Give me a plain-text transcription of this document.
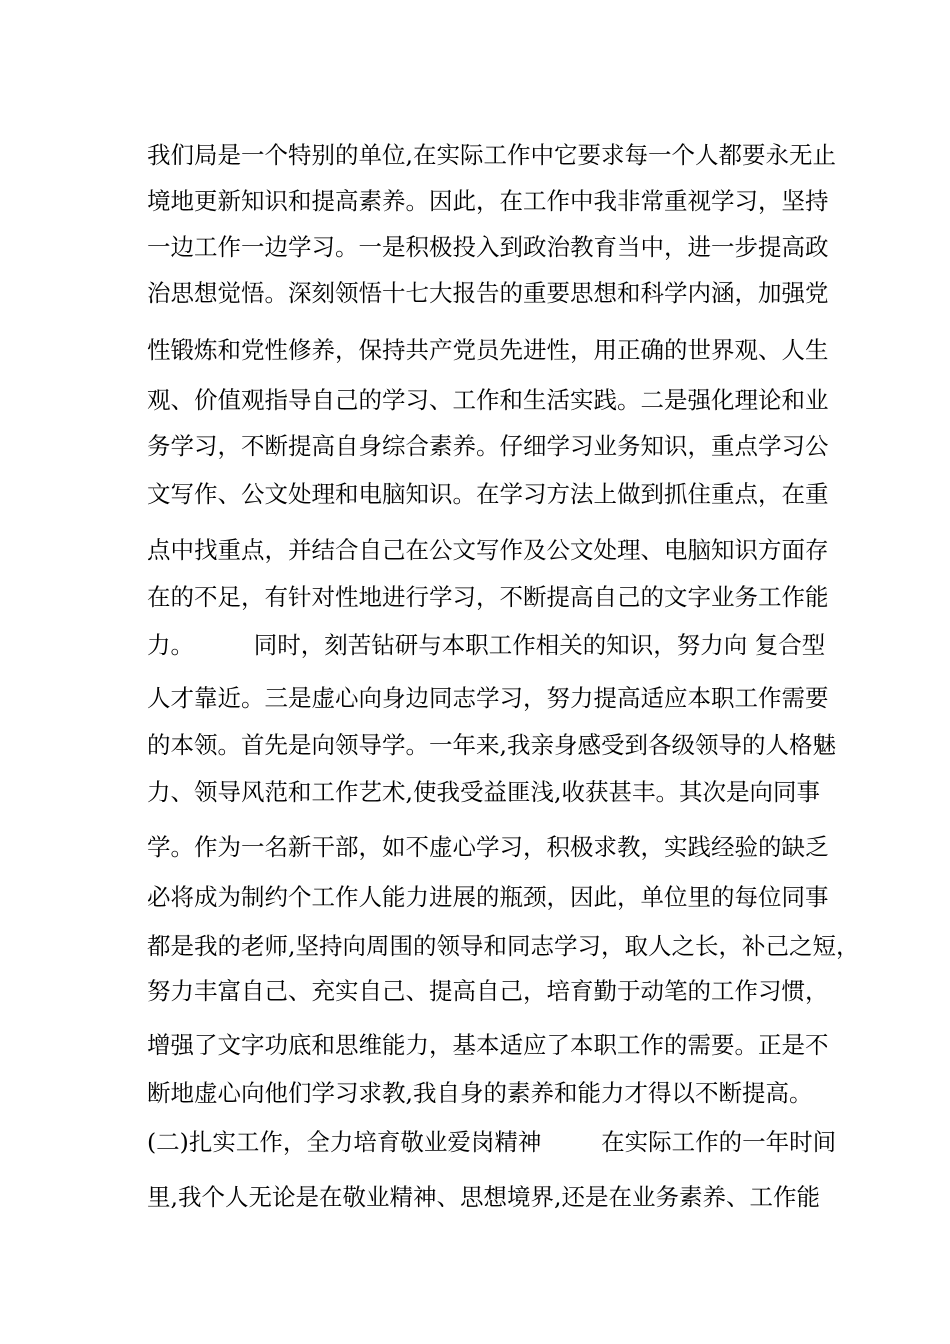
我们局是一个特别的单位,在实际工作中它要求每一个人都要永无止
境地更新知识和提高素养。因此，在工作中我非常重视学习，坚持
一边工作一边学习。一是积极投入到政治教育当中，进一步提高政
治思想觉悟。深刻领悟十七大报告的重要思想和科学内涵，加强党
性锻炼和党性修养，保持共产党员先进性，用正确的世界观、人生
观、价值观指导自己的学习、工作和生活实践。二是强化理论和业
务学习，不断提高自身综合素养。仔细学习业务知识，重点学习公
文写作、公文处理和电脑知识。在学习方法上做到抓住重点，在重
点中找重点，并结合自己在公文写作及公文处理、电脑知识方面存
在的不足，有针对性地进行学习，不断提高自己的文字业务工作能
力。        同时，刻苦钻研与本职工作相关的知识，努力向 复合型
人才靠近。三是虚心向身边同志学习，努力提高适应本职工作需要
的本领。首先是向领导学。一年来,我亲身感受到各级领导的人格魅
力、领导风范和工作艺术,使我受益匪浅,收获甚丰。其次是向同事
学。作为一名新干部，如不虚心学习，积极求教，实践经验的缺乏
必将成为制约个工作人能力进展的瓶颈，因此，单位里的每位同事
都是我的老师,坚持向周围的领导和同志学习，取人之长，补己之短，
努力丰富自己、充实自己、提高自己，培育勤于动笔的工作习惯，
增强了文字功底和思维能力，基本适应了本职工作的需要。正是不
断地虚心向他们学习求教,我自身的素养和能力才得以不断提高。
(二)扎实工作，全力培育敬业爱岗精神        在实际工作的一年时间
里,我个人无论是在敬业精神、思想境界,还是在业务素养、工作能
